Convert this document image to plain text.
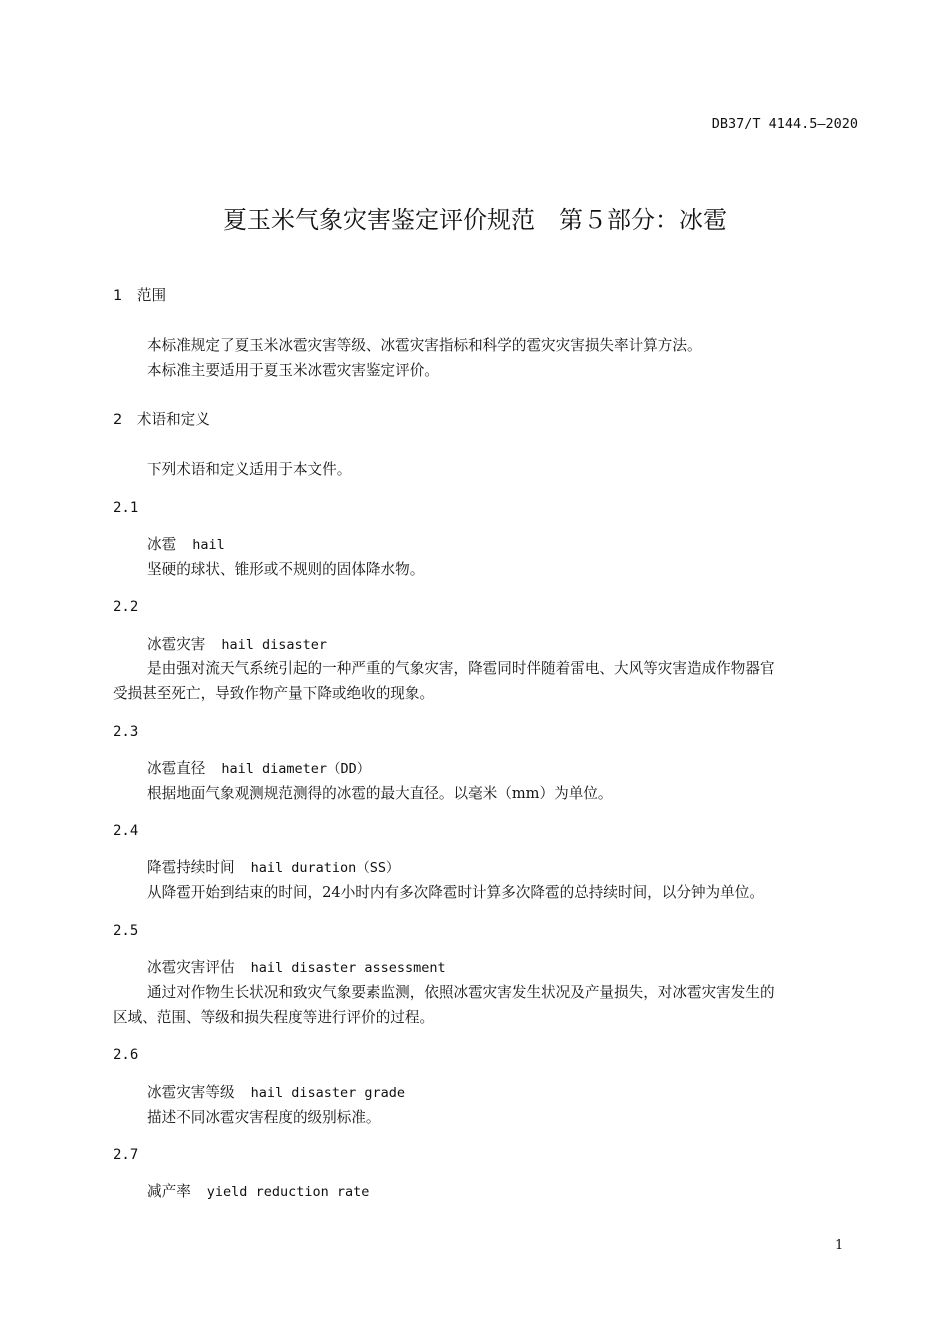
DB37/T 4144.5—2020
夏玉米气象灾害鉴定评价规范　第５部分：冰雹
1　范围
本标准规定了夏玉米冰雹灾害等级、冰雹灾害指标和科学的雹灾灾害损失率计算方法。
本标准主要适用于夏玉米冰雹灾害鉴定评价。
2　术语和定义
下列术语和定义适用于本文件。
2.1
冰雹 hail
坚硬的球状、锥形或不规则的固体降水物。
2.2
冰雹灾害 hail disaster
是由强对流天气系统引起的一种严重的气象灾害，降雹同时伴随着雷电、大风等灾害造成作物器官
受损甚至死亡，导致作物产量下降或绝收的现象。
2.3
冰雹直径 hail diameter（DD）
根据地面气象观测规范测得的冰雹的最大直径。以毫米（mm）为单位。
2.4
降雹持续时间 hail duration（SS）
从降雹开始到结束的时间，24小时内有多次降雹时计算多次降雹的总持续时间，以分钟为单位。
2.5
冰雹灾害评估 hail disaster assessment
通过对作物生长状况和致灾气象要素监测，依照冰雹灾害发生状况及产量损失，对冰雹灾害发生的
区域、范围、等级和损失程度等进行评价的过程。
2.6
冰雹灾害等级 hail disaster grade
描述不同冰雹灾害程度的级别标准。
2.7
减产率 yield reduction rate
1
